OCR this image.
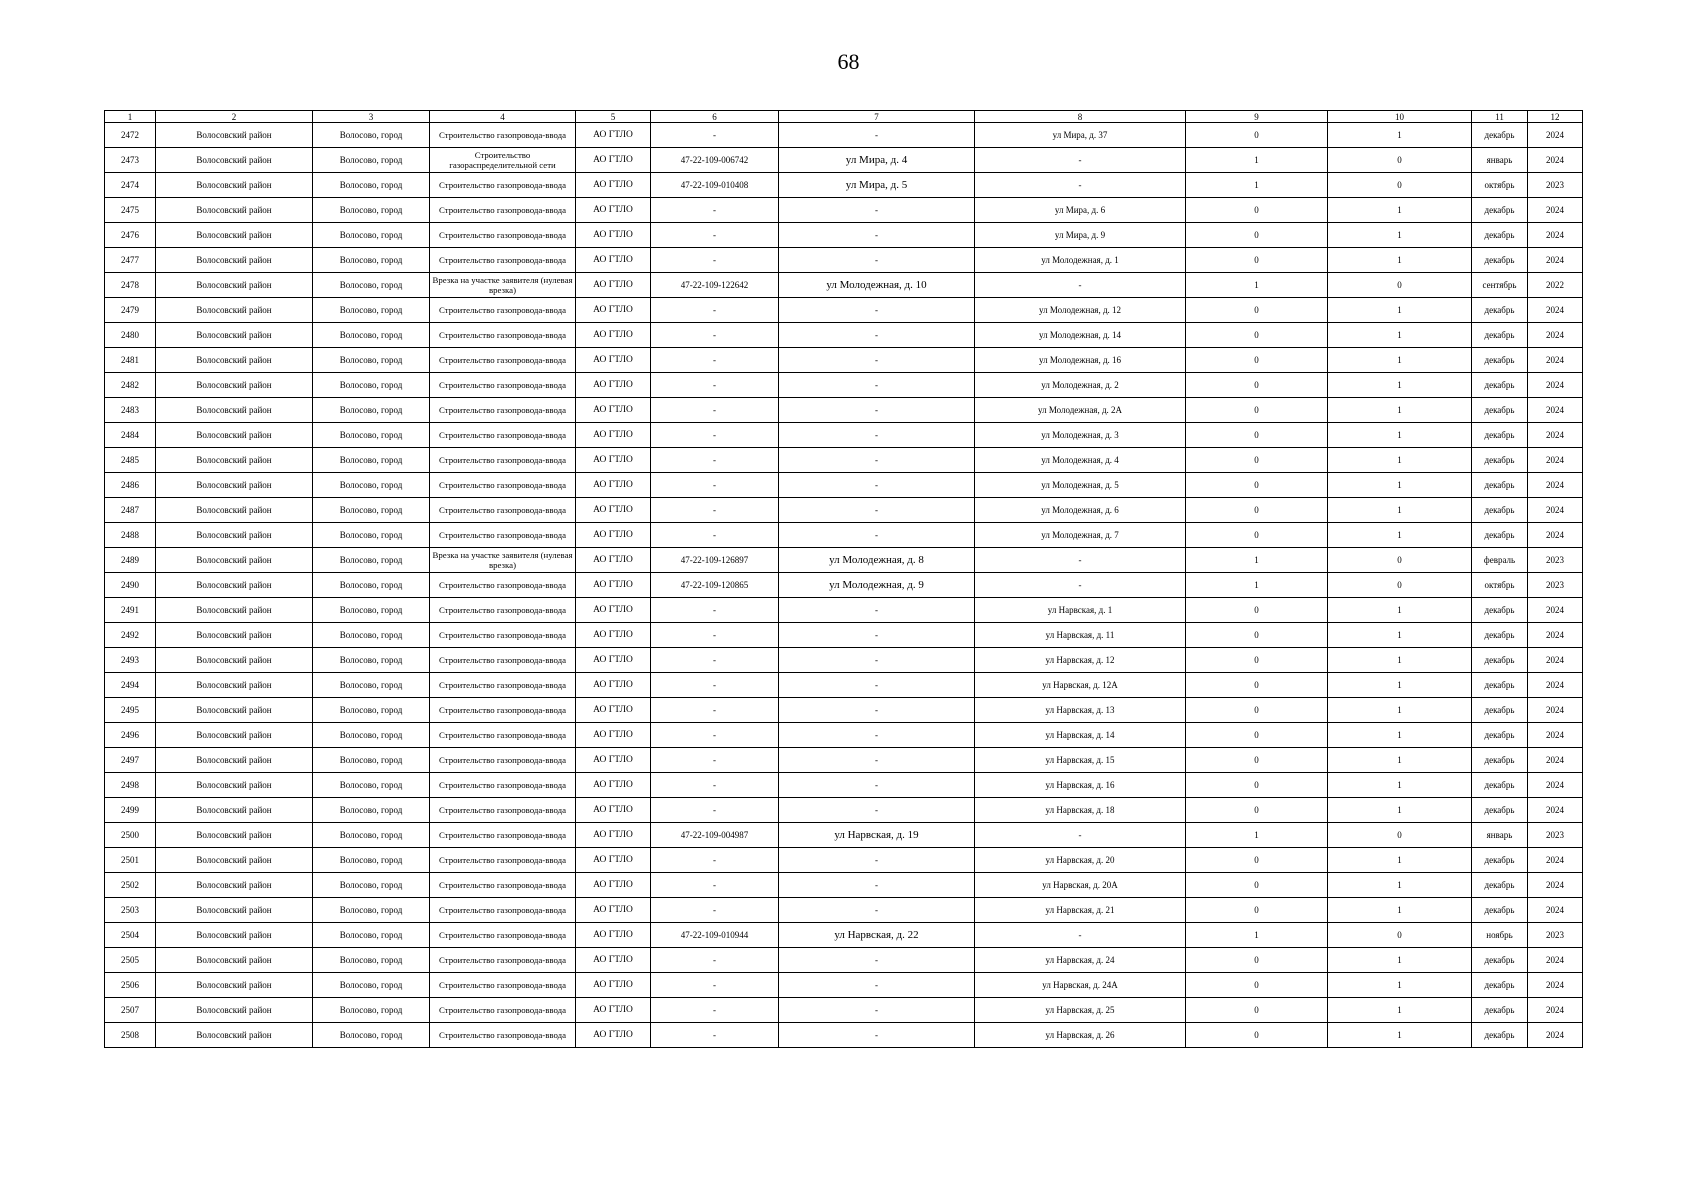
68
1	2	3	4	5	6	7	8	9	10	11	12
2472	Волосовский район	Волосово, город	Строительство газопровода-ввода	АО ГТЛО	-	-	ул Мира, д. 37	0	1	декабрь	2024
2473	Волосовский район	Волосово, город	Строительство газораспределительной сети	АО ГТЛО	47-22-109-006742	ул Мира, д. 4	-	1	0	январь	2024
2474	Волосовский район	Волосово, город	Строительство газопровода-ввода	АО ГТЛО	47-22-109-010408	ул Мира, д. 5	-	1	0	октябрь	2023
2475	Волосовский район	Волосово, город	Строительство газопровода-ввода	АО ГТЛО	-	-	ул Мира, д. 6	0	1	декабрь	2024
2476	Волосовский район	Волосово, город	Строительство газопровода-ввода	АО ГТЛО	-	-	ул Мира, д. 9	0	1	декабрь	2024
2477	Волосовский район	Волосово, город	Строительство газопровода-ввода	АО ГТЛО	-	-	ул Молодежная, д. 1	0	1	декабрь	2024
2478	Волосовский район	Волосово, город	Врезка на участке заявителя (нулевая врезка)	АО ГТЛО	47-22-109-122642	ул Молодежная, д. 10	-	1	0	сентябрь	2022
2479	Волосовский район	Волосово, город	Строительство газопровода-ввода	АО ГТЛО	-	-	ул Молодежная, д. 12	0	1	декабрь	2024
2480	Волосовский район	Волосово, город	Строительство газопровода-ввода	АО ГТЛО	-	-	ул Молодежная, д. 14	0	1	декабрь	2024
2481	Волосовский район	Волосово, город	Строительство газопровода-ввода	АО ГТЛО	-	-	ул Молодежная, д. 16	0	1	декабрь	2024
2482	Волосовский район	Волосово, город	Строительство газопровода-ввода	АО ГТЛО	-	-	ул Молодежная, д. 2	0	1	декабрь	2024
2483	Волосовский район	Волосово, город	Строительство газопровода-ввода	АО ГТЛО	-	-	ул Молодежная, д. 2А	0	1	декабрь	2024
2484	Волосовский район	Волосово, город	Строительство газопровода-ввода	АО ГТЛО	-	-	ул Молодежная, д. 3	0	1	декабрь	2024
2485	Волосовский район	Волосово, город	Строительство газопровода-ввода	АО ГТЛО	-	-	ул Молодежная, д. 4	0	1	декабрь	2024
2486	Волосовский район	Волосово, город	Строительство газопровода-ввода	АО ГТЛО	-	-	ул Молодежная, д. 5	0	1	декабрь	2024
2487	Волосовский район	Волосово, город	Строительство газопровода-ввода	АО ГТЛО	-	-	ул Молодежная, д. 6	0	1	декабрь	2024
2488	Волосовский район	Волосово, город	Строительство газопровода-ввода	АО ГТЛО	-	-	ул Молодежная, д. 7	0	1	декабрь	2024
2489	Волосовский район	Волосово, город	Врезка на участке заявителя (нулевая врезка)	АО ГТЛО	47-22-109-126897	ул Молодежная, д. 8	-	1	0	февраль	2023
2490	Волосовский район	Волосово, город	Строительство газопровода-ввода	АО ГТЛО	47-22-109-120865	ул Молодежная, д. 9	-	1	0	октябрь	2023
2491	Волосовский район	Волосово, город	Строительство газопровода-ввода	АО ГТЛО	-	-	ул Нарвская, д. 1	0	1	декабрь	2024
2492	Волосовский район	Волосово, город	Строительство газопровода-ввода	АО ГТЛО	-	-	ул Нарвская, д. 11	0	1	декабрь	2024
2493	Волосовский район	Волосово, город	Строительство газопровода-ввода	АО ГТЛО	-	-	ул Нарвская, д. 12	0	1	декабрь	2024
2494	Волосовский район	Волосово, город	Строительство газопровода-ввода	АО ГТЛО	-	-	ул Нарвская, д. 12А	0	1	декабрь	2024
2495	Волосовский район	Волосово, город	Строительство газопровода-ввода	АО ГТЛО	-	-	ул Нарвская, д. 13	0	1	декабрь	2024
2496	Волосовский район	Волосово, город	Строительство газопровода-ввода	АО ГТЛО	-	-	ул Нарвская, д. 14	0	1	декабрь	2024
2497	Волосовский район	Волосово, город	Строительство газопровода-ввода	АО ГТЛО	-	-	ул Нарвская, д. 15	0	1	декабрь	2024
2498	Волосовский район	Волосово, город	Строительство газопровода-ввода	АО ГТЛО	-	-	ул Нарвская, д. 16	0	1	декабрь	2024
2499	Волосовский район	Волосово, город	Строительство газопровода-ввода	АО ГТЛО	-	-	ул Нарвская, д. 18	0	1	декабрь	2024
2500	Волосовский район	Волосово, город	Строительство газопровода-ввода	АО ГТЛО	47-22-109-004987	ул Нарвская, д. 19	-	1	0	январь	2023
2501	Волосовский район	Волосово, город	Строительство газопровода-ввода	АО ГТЛО	-	-	ул Нарвская, д. 20	0	1	декабрь	2024
2502	Волосовский район	Волосово, город	Строительство газопровода-ввода	АО ГТЛО	-	-	ул Нарвская, д. 20А	0	1	декабрь	2024
2503	Волосовский район	Волосово, город	Строительство газопровода-ввода	АО ГТЛО	-	-	ул Нарвская, д. 21	0	1	декабрь	2024
2504	Волосовский район	Волосово, город	Строительство газопровода-ввода	АО ГТЛО	47-22-109-010944	ул Нарвская, д. 22	-	1	0	ноябрь	2023
2505	Волосовский район	Волосово, город	Строительство газопровода-ввода	АО ГТЛО	-	-	ул Нарвская, д. 24	0	1	декабрь	2024
2506	Волосовский район	Волосово, город	Строительство газопровода-ввода	АО ГТЛО	-	-	ул Нарвская, д. 24А	0	1	декабрь	2024
2507	Волосовский район	Волосово, город	Строительство газопровода-ввода	АО ГТЛО	-	-	ул Нарвская, д. 25	0	1	декабрь	2024
2508	Волосовский район	Волосово, город	Строительство газопровода-ввода	АО ГТЛО	-	-	ул Нарвская, д. 26	0	1	декабрь	2024
